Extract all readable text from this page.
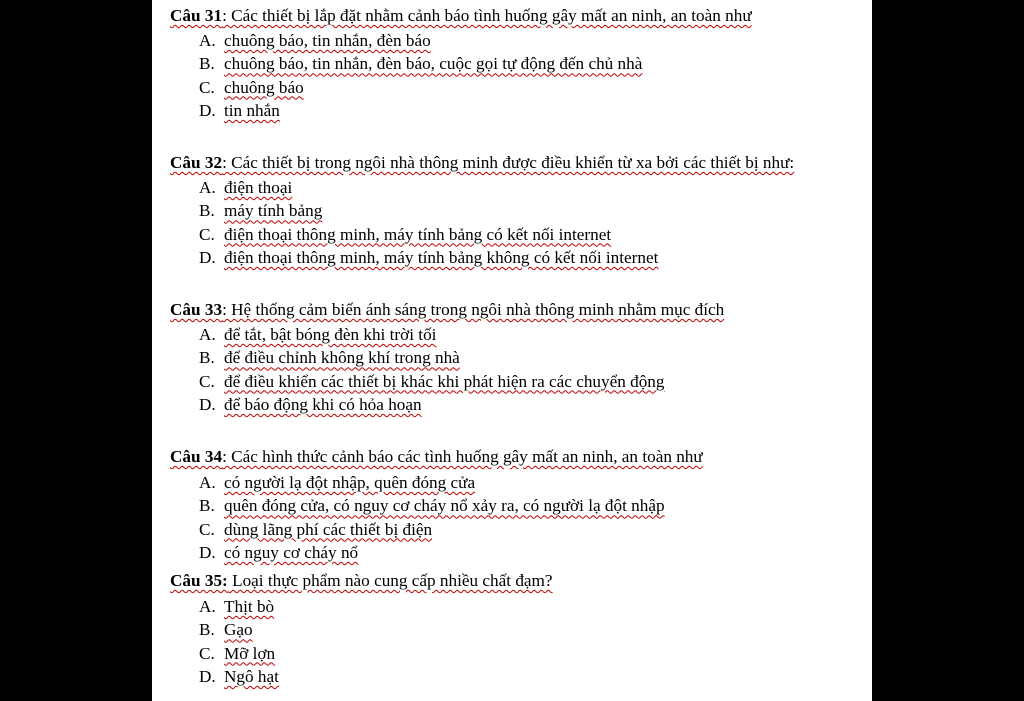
Câu 31: Các thiết bị lắp đặt nhằm cảnh báo tình huống gây mất an ninh, an toàn như
A. chuông báo, tin nhắn, đèn báo
B. chuông báo, tin nhắn, đèn báo, cuộc gọi tự động đến chủ nhà
C. chuông báo
D. tin nhắn
Câu 32: Các thiết bị trong ngôi nhà thông minh được điều khiển từ xa bởi các thiết bị như:
A. điện thoại
B. máy tính bảng
C. điện thoại thông minh, máy tính bảng có kết nối internet
D. điện thoại thông minh, máy tính bảng không có kết nối internet
Câu 33: Hệ thống cảm biến ánh sáng trong ngôi nhà thông minh nhằm mục đích
A. để tắt, bật bóng đèn khi trời tối
B. để điều chỉnh không khí trong nhà
C. để điều khiển các thiết bị khác khi phát hiện ra các chuyển động
D. để báo động khi có hỏa hoạn
Câu 34: Các hình thức cảnh báo các tình huống gây mất an ninh, an toàn như
A. có người lạ đột nhập, quên đóng cửa
B. quên đóng cửa, có nguy cơ cháy nổ xảy ra, có người lạ đột nhập
C. dùng lãng phí các thiết bị điện
D. có nguy cơ cháy nổ
Câu 35: Loại thực phẩm nào cung cấp nhiều chất đạm?
A. Thịt bò
B. Gạo
C. Mỡ lợn
D. Ngô hạt
